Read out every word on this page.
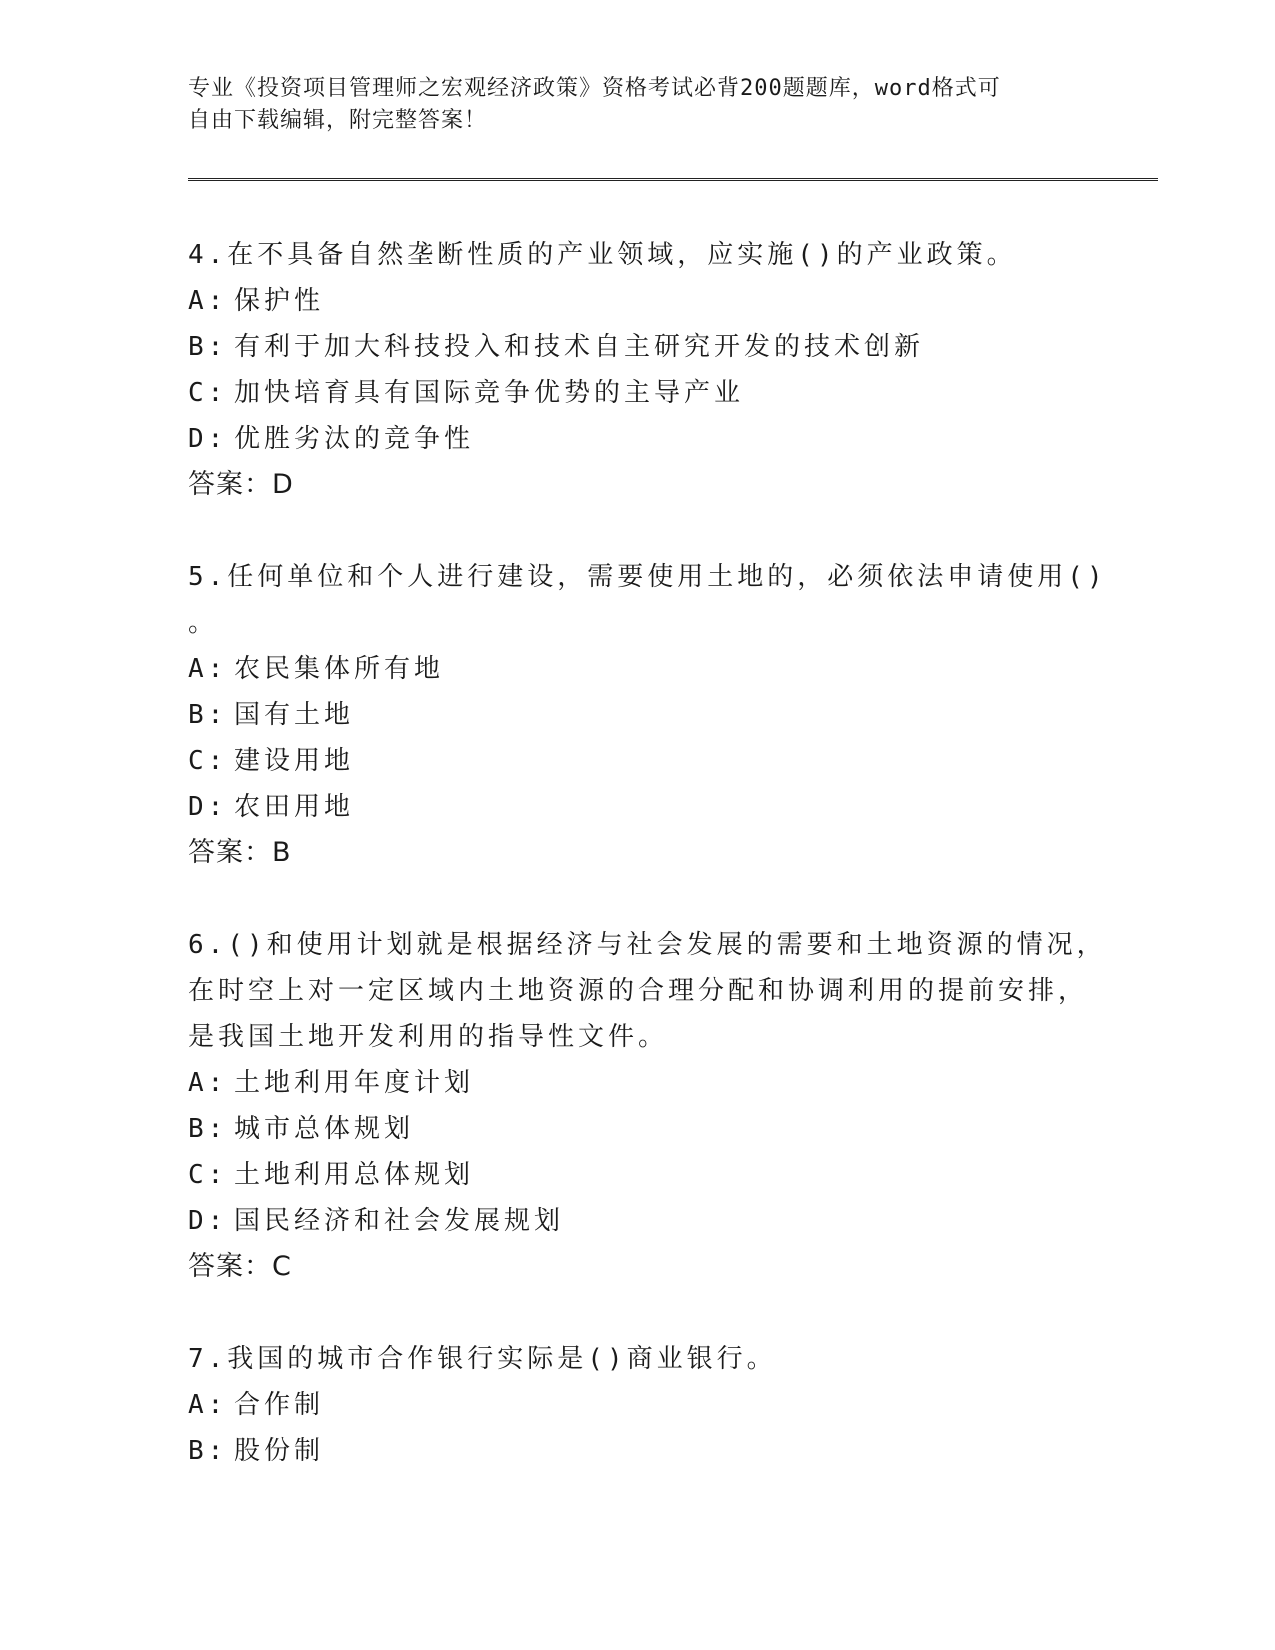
专业《投资项目管理师之宏观经济政策》资格考试必背200题题库，word格式可
自由下载编辑，附完整答案！
4.在不具备自然垄断性质的产业领域，应实施()的产业政策。
A: 保护性
B: 有利于加大科技投入和技术自主研究开发的技术创新
C: 加快培育具有国际竞争优势的主导产业
D: 优胜劣汰的竞争性
答案：D
5.任何单位和个人进行建设，需要使用土地的，必须依法申请使用()
。
A: 农民集体所有地
B: 国有土地
C: 建设用地
D: 农田用地
答案：B
6.()和使用计划就是根据经济与社会发展的需要和土地资源的情况，
在时空上对一定区域内土地资源的合理分配和协调利用的提前安排，
是我国土地开发利用的指导性文件。
A: 土地利用年度计划
B: 城市总体规划
C: 土地利用总体规划
D: 国民经济和社会发展规划
答案：C
7.我国的城市合作银行实际是()商业银行。
A: 合作制
B: 股份制
